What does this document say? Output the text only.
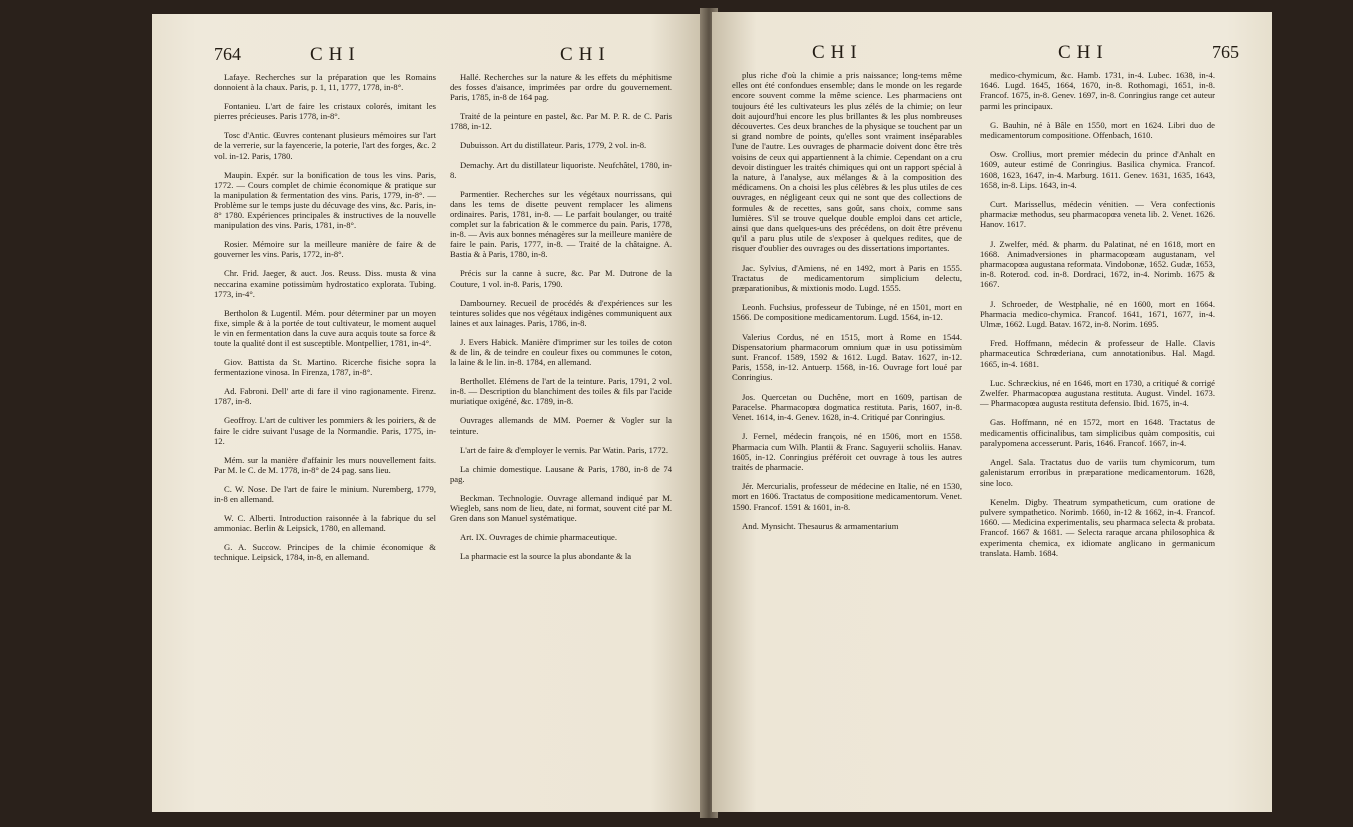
764	CHI	CHI

Lafaye. Recherches sur la préparation que les Romains donnoient à la chaux. Paris, p. 1, 11, 1777, 1778, in-8°.

Fontanieu. L'art de faire les cristaux colorés, imitant les pierres précieuses. Paris 1778, in-8°.

Tosc d'Antic. Œuvres contenant plusieurs mémoires sur l'art de la verrerie, sur la fayencerie, la poterie, l'art des forges, &c. 2 vol. in-12. Paris, 1780.

Maupin. Expér. sur la bonification de tous les vins. Paris, 1772. — Cours complet de chimie économique & pratique sur la manipulation & fermentation des vins. Paris, 1779, in-8°. — Problème sur le temps juste du décuvage des vins, &c. Paris, in-8° 1780. Expériences principales & instructives de la nouvelle manipulation des vins. Paris, 1781, in-8°.

Rosier. Mémoire sur la meilleure manière de faire & de gouverner les vins. Paris, 1772, in-8°.

Chr. Frid. Jaeger, & auct. Jos. Reuss. Diss. musta & vina neccarina examine potissimùm hydrostatico explorata. Tubing. 1773, in-4°.

Bertholon & Lugentil. Mém. pour déterminer par un moyen fixe, simple & à la portée de tout cultivateur, le moment auquel le vin en fermentation dans la cuve aura acquis toute sa force & toute la qualité dont il est susceptible. Montpellier, 1781, in-4°.

Giov. Battista da St. Martino. Ricerche fisiche sopra la fermentazione vinosa. In Firenza, 1787, in-8°.

Ad. Fabroni. Dell' arte di fare il vino ragionamente. Firenz. 1787, in-8.

Geoffroy. L'art de cultiver les pommiers & les poiriers, & de faire le cidre suivant l'usage de la Normandie. Paris, 1775, in-12.

Mém. sur la manière d'affainir les murs nouvellement faits. Par M. le C. de M. 1778, in-8° de 24 pag. sans lieu.

C. W. Nose. De l'art de faire le minium. Nuremberg, 1779, in-8 en allemand.

W. C. Alberti. Introduction raisonnée à la fabrique du sel ammoniac. Berlin & Leipsick, 1780, en allemand.

G. A. Succow. Principes de la chimie économique & technique. Leipsick, 1784, in-8, en allemand.

Hallé. Recherches sur la nature & les effets du méphitisme des fosses d'aisance, imprimées par ordre du gouvernement. Paris, 1785, in-8 de 164 pag.

Traité de la peinture en pastel, &c. Par M. P. R. de C. Paris 1788, in-12.

Dubuisson. Art du distillateur. Paris, 1779, 2 vol. in-8.

Demachy. Art du distillateur liquoriste. Neufchâtel, 1780, in-8.

Parmentier. Recherches sur les végétaux nourrissans, qui dans les tems de disette peuvent remplacer les alimens ordinaires. Paris, 1781, in-8. — Le parfait boulanger, ou traité complet sur la fabrication & le commerce du pain. Paris, 1778, in-8. — Avis aux bonnes ménagères sur la meilleure manière de faire le pain. Paris, 1777, in-8. — Traité de la châtaigne. A. Bastia & à Paris, 1780, in-8.

Précis sur la canne à sucre, &c. Par M. Dutrone de la Couture, 1 vol. in-8. Paris, 1790.

Dambourney. Recueil de procédés & d'expériences sur les teintures solides que nos végétaux indigènes communiquent aux laines et aux lainages. Paris, 1786, in-8.

J. Evers Habick. Manière d'imprimer sur les toiles de coton & de lin, & de teindre en couleur fixes ou communes le coton, la laine & le lin. in-8. 1784, en allemand.

Berthollet. Elémens de l'art de la teinture. Paris, 1791, 2 vol. in-8. — Description du blanchiment des toiles & fils par l'acide muriatique oxigéné, &c. 1789, in-8.

Ouvrages allemands de MM. Poerner & Vogler sur la teinture.

L'art de faire & d'employer le vernis. Par Watin. Paris, 1772.

La chimie domestique. Lausane & Paris, 1780, in-8 de 74 pag.

Beckman. Technologie. Ouvrage allemand indiqué par M. Wiegleb, sans nom de lieu, date, ni format, souvent cité par M. Gren dans son Manuel systématique.

Art. IX. Ouvrages de chimie pharmaceutique.

La pharmacie est la source la plus abondante & la

CHI	CHI	765

plus riche d'où la chimie a pris naissance; long-tems même elles ont été confondues ensemble; dans le monde on les regarde encore souvent comme la même science. Les pharmaciens ont toujours été les cultivateurs les plus zélés de la chimie; on leur doit aujourd'hui encore les plus brillantes & les plus nombreuses découvertes. Ces deux branches de la physique se touchent par un si grand nombre de points, qu'elles sont vraiment inséparables l'une de l'autre. Les ouvrages de pharmacie doivent donc être très voisins de ceux qui appartiennent à la chimie. Cependant on a cru devoir distinguer les traités chimiques qui ont un rapport spécial à la nature, à l'analyse, aux mélanges & à la composition des médicamens. On a choisi les plus célèbres & les plus utiles de ces ouvrages, en négligeant ceux qui ne sont que des collections de formules & de recettes, sans goût, sans choix, comme sans lumières. S'il se trouve quelque double emploi dans cet article, ainsi que dans quelques-uns des précédens, on doit être prévenu qu'il a paru plus utile de s'exposer à quelques redites, que de risquer d'oublier des ouvrages ou des dissertations importantes.

Jac. Sylvius, d'Amiens, né en 1492, mort à Paris en 1555. Tractatus de medicamentorum simplicium delectu, præparationibus, & mixtionis modo. Lugd. 1555.

Leonh. Fuchsius, professeur de Tubinge, né en 1501, mort en 1566. De compositione medicamentorum. Lugd. 1564, in-12.

Valerius Cordus, né en 1515, mort à Rome en 1544. Dispensatorium pharmacorum omnium quæ in usu potissimùm sunt. Francof. 1589, 1592 & 1612. Lugd. Batav. 1627, in-12. Paris, 1558, in-12. Antuerp. 1568, in-16. Ouvrage fort loué par Conringius.

Jos. Quercetan ou Duchêne, mort en 1609, partisan de Paracelse. Pharmacopœa dogmatica restituta. Paris, 1607, in-8. Venet. 1614, in-4. Genev. 1628, in-4. Critiqué par Conringius.

J. Fernel, médecin françois, né en 1506, mort en 1558. Pharmacia cum Wilh. Plantii & Franc. Saguyerii scholiis. Hanav. 1605, in-12. Conringius préféroit cet ouvrage à tous les autres traités de pharmacie.

Jér. Mercurialis, professeur de médecine en Italie, né en 1530, mort en 1606. Tractatus de compositione medicamentorum. Venet. 1590. Francof. 1591 & 1601, in-8.

And. Mynsicht. Thesaurus & armamentarium

medico-chymicum, &c. Hamb. 1731, in-4. Lubec. 1638, in-4. 1646. Lugd. 1645, 1664, 1670, in-8. Rothomagi, 1651, in-8. Francof. 1675, in-8. Genev. 1697, in-8. Conringius range cet auteur parmi les principaux.

G. Bauhin, né à Bâle en 1550, mort en 1624. Libri duo de medicamentorum compositione. Offenbach, 1610.

Osw. Crollius, mort premier médecin du prince d'Anhalt en 1609, auteur estimé de Conringius. Basilica chymica. Francof. 1608, 1623, 1647, in-4. Marburg. 1611. Genev. 1631, 1635, 1643, 1658, in-8. Lips. 1643, in-4.

Curt. Marissellus, médecin vénitien. — Vera confectionis pharmaciæ methodus, seu pharmacopœa veneta lib. 2. Venet. 1626. Hanov. 1617.

J. Zwelfer, méd. & pharm. du Palatinat, né en 1618, mort en 1668. Animadversiones in pharmacopœam augustanam, vel pharmacopœa augustana reformata. Vindobonæ, 1652. Gudæ, 1653, in-8. Roterod. cod. in-8. Dordraci, 1672, in-4. Norimb. 1675 & 1667.

J. Schroeder, de Westphalie, né en 1600, mort en 1664. Pharmacia medico-chymica. Francof. 1641, 1671, 1677, in-4. Ulmæ, 1662. Lugd. Batav. 1672, in-8. Norim. 1695.

Fred. Hoffmann, médecin & professeur de Halle. Clavis pharmaceutica Schrœderiana, cum annotationibus. Hal. Magd. 1665, in-4. 1681.

Luc. Schræckius, né en 1646, mort en 1730, a critiqué & corrigé Zwelfer. Pharmacopœa augustana restituta. August. Vindel. 1673. — Pharmacopœa augusta restituta defensio. Ibid. 1675, in-4.

Gas. Hoffmann, né en 1572, mort en 1648. Tractatus de medicamentis officinalibus, tam simplicibus quàm compositis, cui paralypomena accesserunt. Paris, 1646. Francof. 1667, in-4.

Angel. Sala. Tractatus duo de variis tum chymicorum, tum galenistarum erroribus in præparatione medicamentorum. 1628, sine loco.

Kenelm. Digby. Theatrum sympatheticum, cum oratione de pulvere sympathetico. Norimb. 1660, in-12 & 1662, in-4. Francof. 1660. — Medicina experimentalis, seu pharmaca selecta & probata. Francof. 1667 & 1681. — Selecta raraque arcana philosophica & experimenta chemica, ex idiomate anglicano in germanicum translata. Hamb. 1684.
